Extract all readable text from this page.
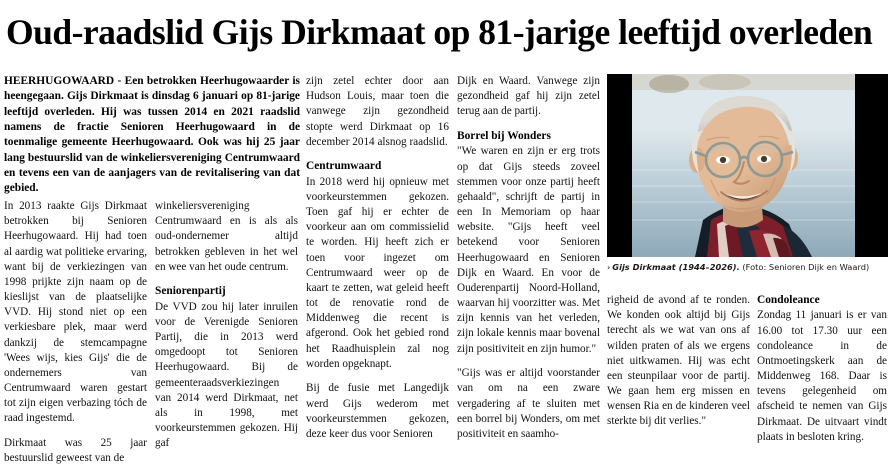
Oud-raadslid Gijs Dirkmaat op 81-jarige leeftijd overleden
HEERHUGOWAARD - Een betrokken Heerhugowaarder is heengegaan. Gijs Dirkmaat is dinsdag 6 januari op 81-jarige leeftijd overleden. Hij was tussen 2014 en 2021 raadslid namens de fractie Senioren Heerhugowaard in de toenmalige gemeente Heerhugowaard. Ook was hij 25 jaar lang bestuurslid van de winkeliersvereniging Centrumwaard en tevens een van de aanjagers van de revitalisering van dat gebied.

In 2013 raakte Gijs Dirkmaat betrokken bij Senioren Heerhugowaard. Hij had toen al aardig wat politieke ervaring, want bij de verkiezingen van 1998 prijkte zijn naam op de kieslijst van de plaatselijke VVD. Hij stond niet op een verkiesbare plek, maar werd dankzij de stemcampagne 'Wees wijs, kies Gijs' die de ondernemers van Centrumwaard waren gestart tot zijn eigen verbazing tóch de raad ingestemd.

Dirkmaat was 25 jaar bestuurslid geweest van de

winkeliersvereniging Centrumwaard en is als als oud-ondernemer altijd betrokken gebleven in het wel en wee van het oude centrum.

Seniorenpartij

De VVD zou hij later inruilen voor de Verenigde Senioren Partij, die in 2013 werd omgedoopt tot Senioren Heerhugowaard. Bij de gemeenteraadsverkiezingen van 2014 werd Dirkmaat, net als in 1998, met voorkeurstemmen gekozen. Hij gaf

zijn zetel echter door aan Hudson Louis, maar toen die vanwege zijn gezondheid stopte werd Dirkmaat op 16 december 2014 alsnog raadslid.

Centrumwaard

In 2018 werd hij opnieuw met voorkeurstemmen gekozen. Toen gaf hij er echter de voorkeur aan om commissielid te worden. Hij heeft zich er toen voor ingezet om Centrumwaard weer op de kaart te zetten, wat geleid heeft tot de renovatie rond de Middenweg die recent is afgerond. Ook het gebied rond het Raadhuisplein zal nog worden opgeknapt.

Bij de fusie met Langedijk werd Gijs wederom met voorkeurstemmen gekozen, deze keer dus voor Senioren

Dijk en Waard. Vanwege zijn gezondheid gaf hij zijn zetel terug aan de partij.

Borrel bij Wonders

"We waren en zijn er erg trots op dat Gijs steeds zoveel stemmen voor onze partij heeft gehaald", schrijft de partij in een In Memoriam op haar website. "Gijs heeft veel betekend voor Senioren Heerhugowaard en Senioren Dijk en Waard. En voor de Ouderenpartij Noord-Holland, waarvan hij voorzitter was. Met zijn kennis van het verleden, zijn lokale kennis maar bovenal zijn positiviteit en zijn humor."

"Gijs was er altijd voorstander van om na een zware vergadering af te sluiten met een borrel bij Wonders, om met positiviteit en saamho-

› Gijs Dirkmaat (1944–2026). (Foto: Senioren Dijk en Waard)

righeid de avond af te ronden. We konden ook altijd bij Gijs terecht als we wat van ons af wilden praten of als we ergens niet uitkwamen. Hij was echt een steunpilaar voor de partij. We gaan hem erg missen en wensen Ria en de kinderen veel sterkte bij dit verlies."

Condoleance

Zondag 11 januari is er van 16.00 tot 17.30 uur een condoleance in de Ontmoetingskerk aan de Middenweg 168. Daar is tevens gelegenheid om afscheid te nemen van Gijs Dirkmaat. De uitvaart vindt plaats in besloten kring.
